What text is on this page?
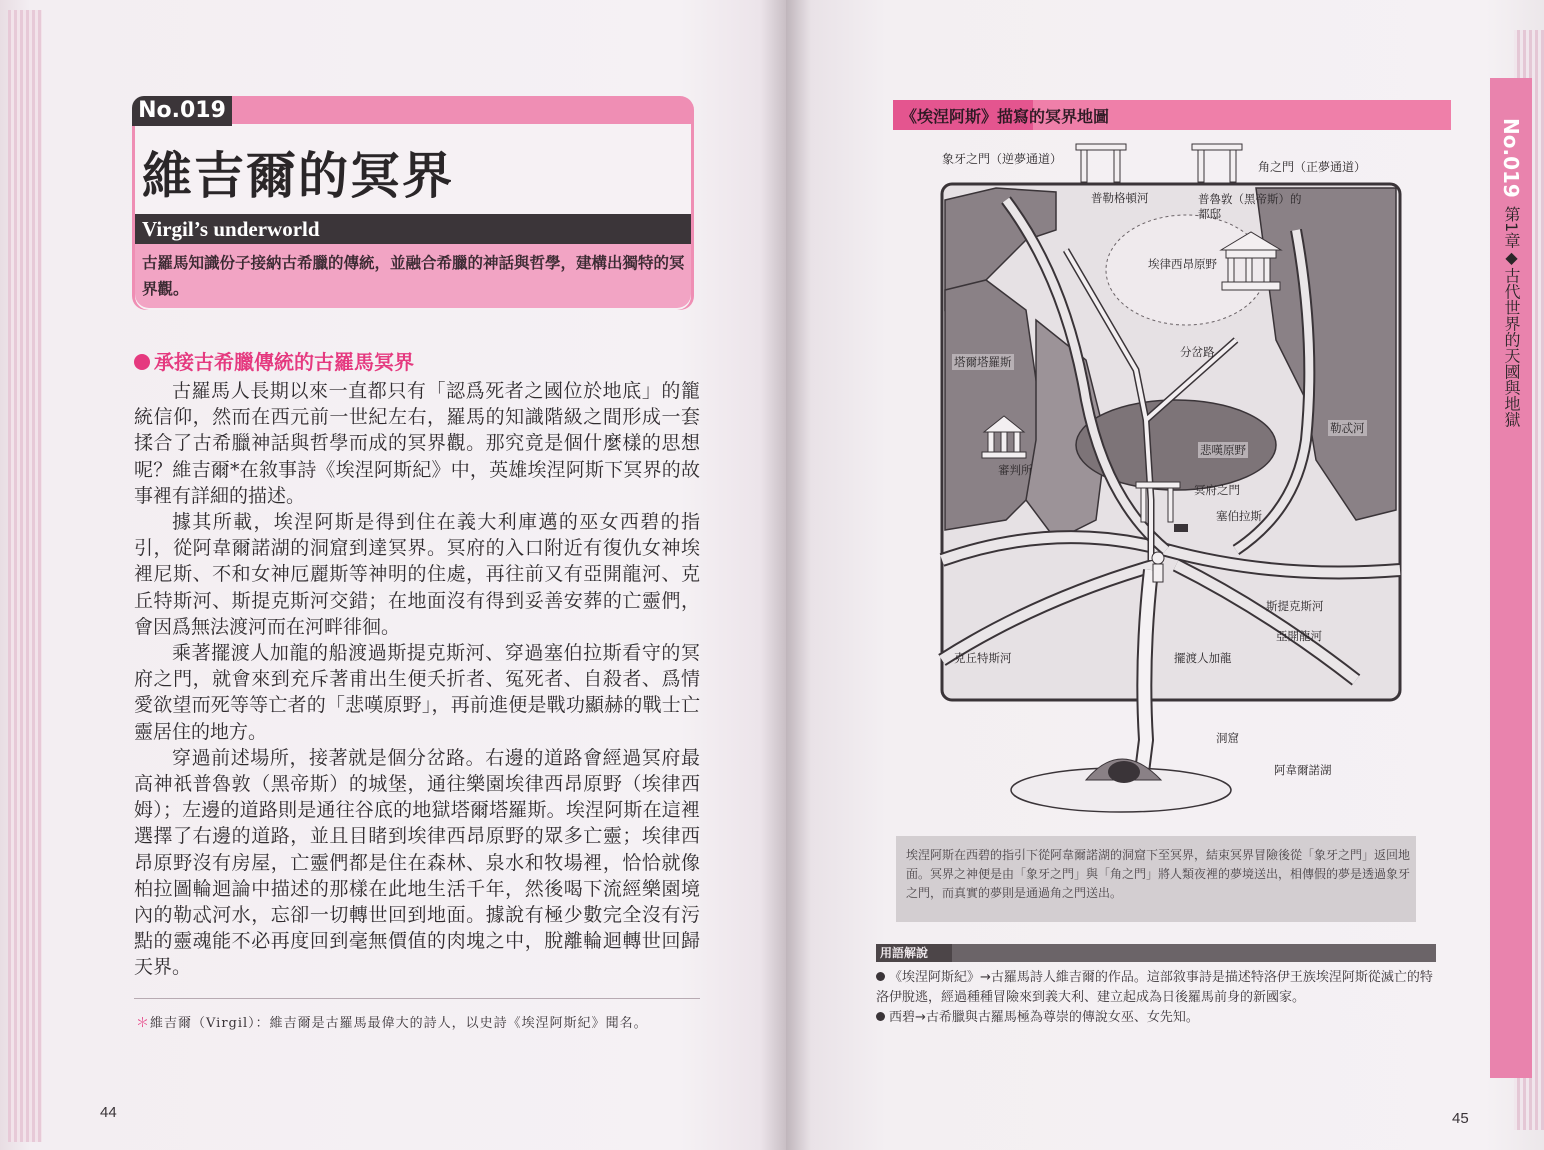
No.019
維吉爾的冥界
Virgil’s underworld
古羅馬知識份子接納古希臘的傳統，並融合希臘的神話與哲學，建構出獨特的冥界觀。
承接古希臘傳統的古羅馬冥界

古羅馬人長期以來一直都只有「認爲死者之國位於地底」的籠統信仰，然而在西元前一世紀左右，羅馬的知識階級之間形成一套揉合了古希臘神話與哲學而成的冥界觀。那究竟是個什麼樣的思想呢？維吉爾*在敘事詩《埃涅阿斯紀》中，英雄埃涅阿斯下冥界的故事裡有詳細的描述。

據其所載，埃涅阿斯是得到住在義大利庫邁的巫女西碧的指引，從阿韋爾諾湖的洞窟到達冥界。冥府的入口附近有復仇女神埃裡尼斯、不和女神厄麗斯等神明的住處，再往前又有亞開龍河、克丘特斯河、斯提克斯河交錯；在地面沒有得到妥善安葬的亡靈們，會因爲無法渡河而在河畔徘徊。

乘著擺渡人加龍的船渡過斯提克斯河、穿過塞伯拉斯看守的冥府之門，就會來到充斥著甫出生便夭折者、冤死者、自殺者、爲情愛欲望而死等等亡者的「悲嘆原野」，再前進便是戰功顯赫的戰士亡靈居住的地方。

穿過前述場所，接著就是個分岔路。右邊的道路會經過冥府最高神祇普魯敦（黑帝斯）的城堡，通往樂園埃律西昂原野（埃律西姆）；左邊的道路則是通往谷底的地獄塔爾塔羅斯。埃涅阿斯在這裡選擇了右邊的道路，並且目睹到埃律西昂原野的眾多亡靈；埃律西昂原野沒有房屋，亡靈們都是住在森林、泉水和牧場裡，恰恰就像柏拉圖輪迴論中描述的那樣在此地生活千年，然後喝下流經樂園境內的勒忒河水，忘卻一切轉世回到地面。據說有極少數完全沒有污點的靈魂能不必再度回到毫無價值的肉塊之中，脫離輪迴轉世回歸天界。

＊維吉爾（Virgil）：維吉爾是古羅馬最偉大的詩人，以史詩《埃涅阿斯紀》聞名。
44
《埃涅阿斯》描寫的冥界地圖
象牙之門（逆夢通道）
角之門（正夢通道）
普勒格頓河	普魯敦（黑帝斯）的都邸
埃律西昂原野
分岔路
塔爾塔羅斯
勒忒河
審判所
悲嘆原野
冥府之門
塞伯拉斯
斯提克斯河
亞開龍河
克丘特斯河	擺渡人加龍
洞窟
阿韋爾諾湖
埃涅阿斯在西碧的指引下從阿韋爾諾湖的洞窟下至冥界，結束冥界冒險後從「象牙之門」返回地面。冥界之神便是由「象牙之門」與「角之門」將人類夜裡的夢境送出，相傳假的夢是透過象牙之門，而真實的夢則是通過角之門送出。
用語解說

《埃涅阿斯紀》→古羅馬詩人維吉爾的作品。這部敘事詩是描述特洛伊王族埃涅阿斯從滅亡的特洛伊脫逃，經過種種冒險來到義大利、建立起成為日後羅馬前身的新國家。

西碧→古希臘與古羅馬極為尊崇的傳說女巫、女先知。

No.019
第1章◆古代世界的天國與地獄
45
